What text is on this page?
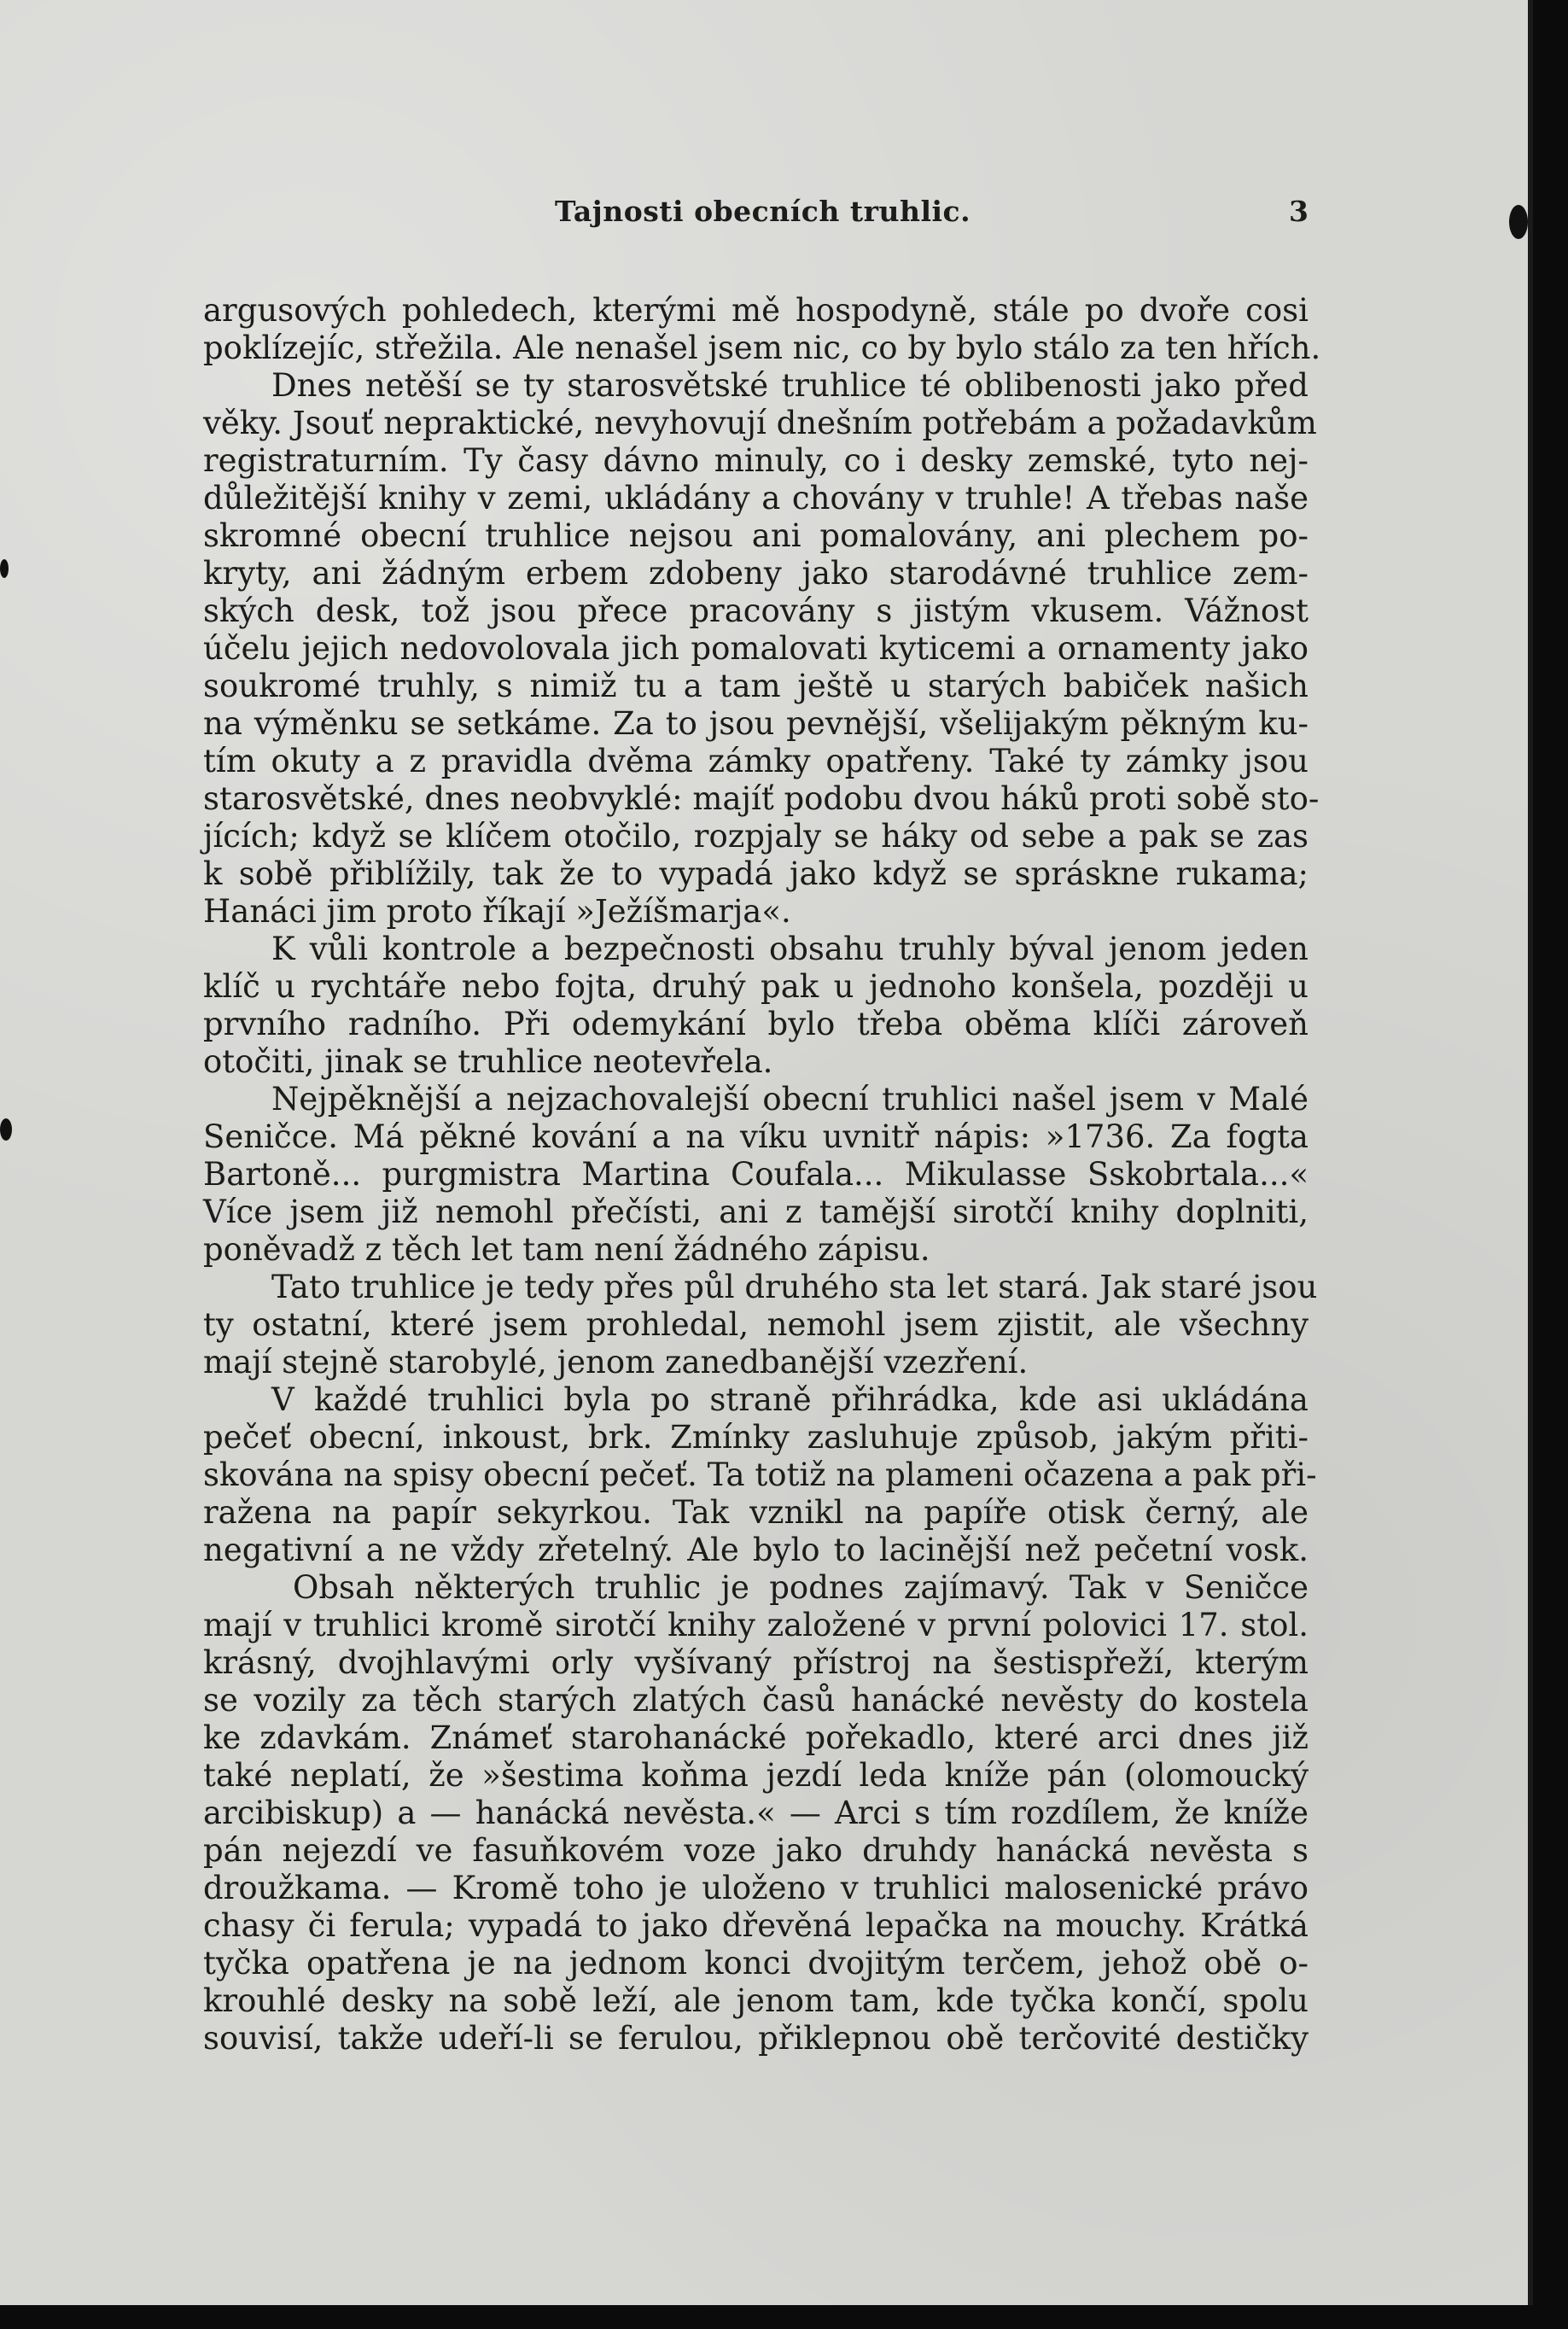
Tajnosti obecních truhlic.	3
argusových pohledech, kterými mě hospodyně, stále po dvoře cosi
poklízejíc, střežila. Ale nenašel jsem nic, co by bylo stálo za ten hřích.
Dnes netěší se ty starosvětské truhlice té oblibenosti jako před
věky. Jsouť nepraktické, nevyhovují dnešním potřebám a požadavkům
registraturním. Ty časy dávno minuly, co i desky zemské, tyto nej-
důležitější knihy v zemi, ukládány a chovány v truhle! A třebas naše
skromné obecní truhlice nejsou ani pomalovány, ani plechem po-
kryty, ani žádným erbem zdobeny jako starodávné truhlice zem-
ských desk, tož jsou přece pracovány s jistým vkusem. Vážnost
účelu jejich nedovolovala jich pomalovati kyticemi a ornamenty jako
soukromé truhly, s nimiž tu a tam ještě u starých babiček našich
na výměnku se setkáme. Za to jsou pevnější, všelijakým pěkným ku-
tím okuty a z pravidla dvěma zámky opatřeny. Také ty zámky jsou
starosvětské, dnes neobvyklé: majíť podobu dvou háků proti sobě sto-
jících; když se klíčem otočilo, rozpjaly se háky od sebe a pak se zas
k sobě přiblížily, tak že to vypadá jako když se spráskne rukama;
Hanáci jim proto říkají »Ježíšmarja«.
K vůli kontrole a bezpečnosti obsahu truhly býval jenom jeden
klíč u rychtáře nebo fojta, druhý pak u jednoho konšela, později u
prvního radního. Při odemykání bylo třeba oběma klíči zároveň
otočiti, jinak se truhlice neotevřela.
Nejpěknější a nejzachovalejší obecní truhlici našel jsem v Malé
Seničce. Má pěkné kování a na víku uvnitř nápis: »1736. Za fogta
Bartoně... purgmistra Martina Coufala... Mikulasse Sskobrtala...«
Více jsem již nemohl přečísti, ani z tamější sirotčí knihy doplniti,
poněvadž z těch let tam není žádného zápisu.
Tato truhlice je tedy přes půl druhého sta let stará. Jak staré jsou
ty ostatní, které jsem prohledal, nemohl jsem zjistit, ale všechny
mají stejně starobylé, jenom zanedbanější vzezření.
V každé truhlici byla po straně přihrádka, kde asi ukládána
pečeť obecní, inkoust, brk. Zmínky zasluhuje způsob, jakým přiti-
skována na spisy obecní pečeť. Ta totiž na plameni očazena a pak při-
ražena na papír sekyrkou. Tak vznikl na papíře otisk černý, ale
negativní a ne vždy zřetelný. Ale bylo to lacinější než pečetní vosk.
Obsah některých truhlic je podnes zajímavý. Tak v Seničce
mají v truhlici kromě sirotčí knihy založené v první polovici 17. stol.
krásný, dvojhlavými orly vyšívaný přístroj na šestispřeží, kterým
se vozily za těch starých zlatých časů hanácké nevěsty do kostela
ke zdavkám. Známeť starohanácké pořekadlo, které arci dnes již
také neplatí, že »šestima koňma jezdí leda kníže pán (olomoucký
arcibiskup) a — hanácká nevěsta.« — Arci s tím rozdílem, že kníže
pán nejezdí ve fasuňkovém voze jako druhdy hanácká nevěsta s
droužkama. — Kromě toho je uloženo v truhlici malosenické právo
chasy či ferula; vypadá to jako dřevěná lepačka na mouchy. Krátká
tyčka opatřena je na jednom konci dvojitým terčem, jehož obě o-
krouhlé desky na sobě leží, ale jenom tam, kde tyčka končí, spolu
souvisí, takže udeří-li se ferulou, přiklepnou obě terčovité destičky
